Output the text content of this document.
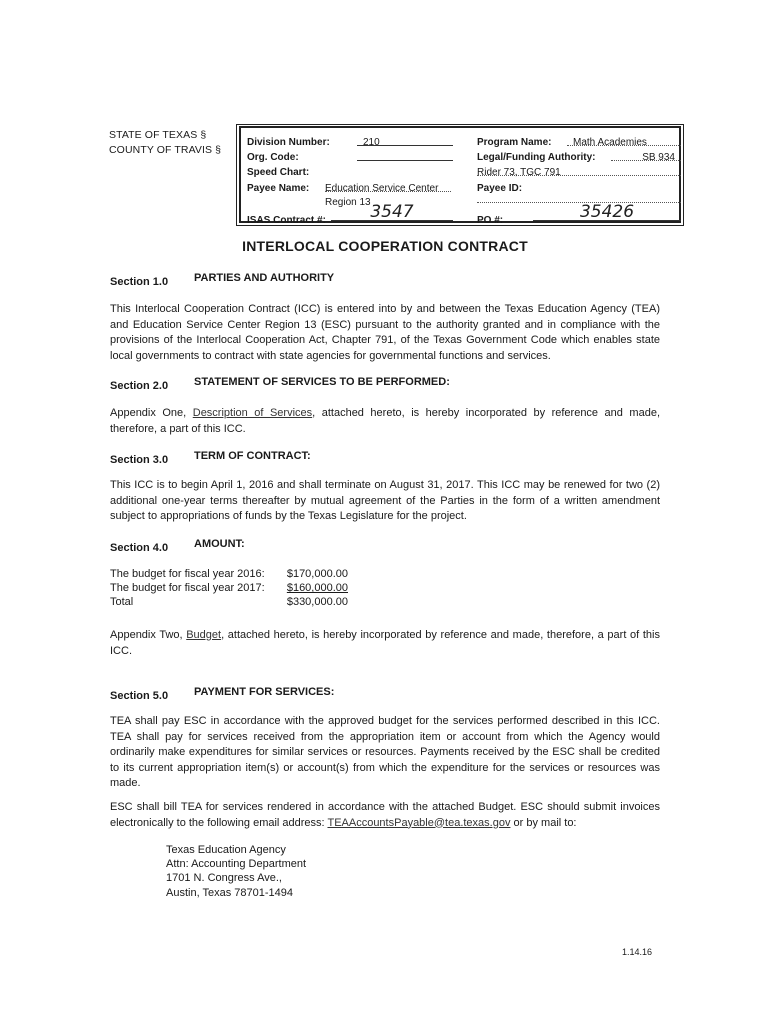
STATE OF TEXAS §
COUNTY OF TRAVIS §
Division Number:	210
Org. Code:
Speed Chart:
Payee Name: Education Service Center
Region 13
ISAS Contract #:	3547
Program Name:	Math Academies
Legal/Funding Authority:	SB 934
Rider 73, TGC 791
Payee ID:
PO #:	35426
INTERLOCAL COOPERATION CONTRACT
Section 1.0 PARTIES AND AUTHORITY
This Interlocal Cooperation Contract (ICC) is entered into by and between the Texas Education Agency (TEA) and Education Service Center Region 13 (ESC) pursuant to the authority granted and in compliance with the provisions of the Interlocal Cooperation Act, Chapter 791, of the Texas Government Code which enables state local governments to contract with state agencies for governmental functions and services.
Section 2.0 STATEMENT OF SERVICES TO BE PERFORMED:
Appendix One, Description of Services, attached hereto, is hereby incorporated by reference and made, therefore, a part of this ICC.
Section 3.0 TERM OF CONTRACT:
This ICC is to begin April 1, 2016 and shall terminate on August 31, 2017. This ICC may be renewed for two (2) additional one-year terms thereafter by mutual agreement of the Parties in the form of a written amendment subject to appropriations of funds by the Texas Legislature for the project.
Section 4.0 AMOUNT:
The budget for fiscal year 2016:	$170,000.00
The budget for fiscal year 2017:	$160,000.00
Total	$330,000.00
Appendix Two, Budget, attached hereto, is hereby incorporated by reference and made, therefore, a part of this ICC.
Section 5.0 PAYMENT FOR SERVICES:
TEA shall pay ESC in accordance with the approved budget for the services performed described in this ICC. TEA shall pay for services received from the appropriation item or account from which the Agency would ordinarily make expenditures for similar services or resources. Payments received by the ESC shall be credited to its current appropriation item(s) or account(s) from which the expenditure for the services or resources was made.
ESC shall bill TEA for services rendered in accordance with the attached Budget. ESC should submit invoices electronically to the following email address: TEAAccountsPayable@tea.texas.gov or by mail to:
Texas Education Agency
Attn: Accounting Department
1701 N. Congress Ave.,
Austin, Texas 78701-1494
1.14.16
